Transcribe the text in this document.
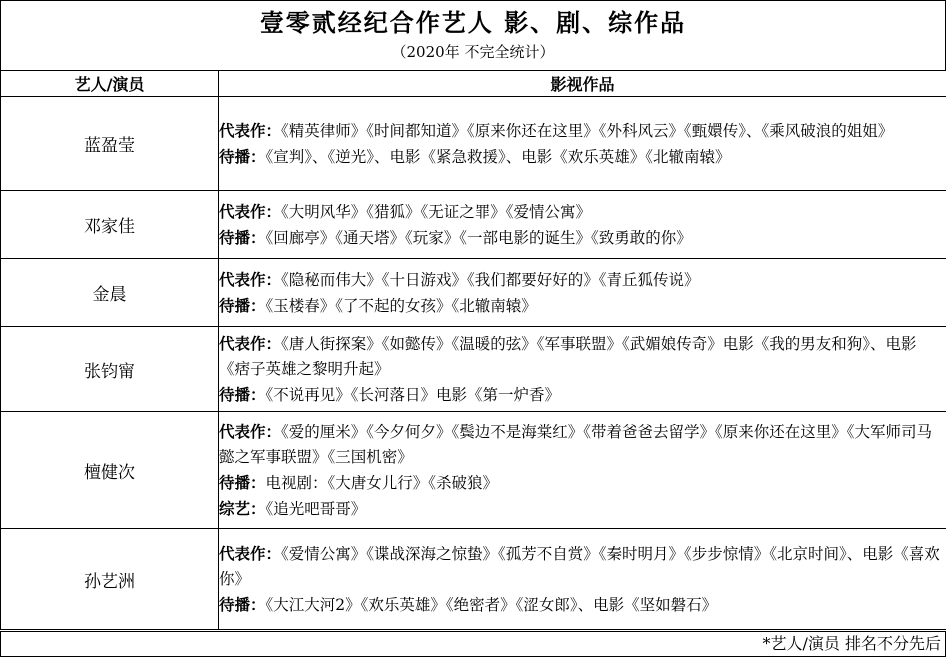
壹零贰经纪合作艺人 影、剧、综作品
（2020年 不完全统计）
艺人/演员	影视作品
蓝盈莹	代表作：《精英律师》《时间都知道》《原来你还在这里》《外科风云》《甄嬛传》、《乘风破浪的姐姐》
待播：《宣判》、《逆光》、电影《紧急救援》、电影《欢乐英雄》《北辙南辕》

邓家佳	代表作：《大明风华》《猎狐》《无证之罪》《爱情公寓》
待播：《回廊亭》《通天塔》《玩家》《一部电影的诞生》《致勇敢的你》

金晨	代表作：《隐秘而伟大》《十日游戏》《我们都要好好的》《青丘狐传说》
待播：《玉楼春》《了不起的女孩》《北辙南辕》

张钧甯	代表作：《唐人街探案》《如懿传》《温暖的弦》《军事联盟》《武媚娘传奇》电影《我的男友和狗》、电影《痞子英雄之黎明升起》
待播：《不说再见》《长河落日》电影《第一炉香》

檀健次	代表作：《爱的厘米》《今夕何夕》《鬓边不是海棠红》《带着爸爸去留学》《原来你还在这里》《大军师司马懿之军事联盟》《三国机密》
待播：电视剧：《大唐女儿行》《杀破狼》
综艺：《追光吧哥哥》

孙艺洲	代表作：《爱情公寓》《谍战深海之惊蛰》《孤芳不自赏》《秦时明月》《步步惊情》《北京时间》、电影《喜欢你》
待播：《大江大河2》《欢乐英雄》《绝密者》《涩女郎》、电影《坚如磐石》
*艺人/演员 排名不分先后
